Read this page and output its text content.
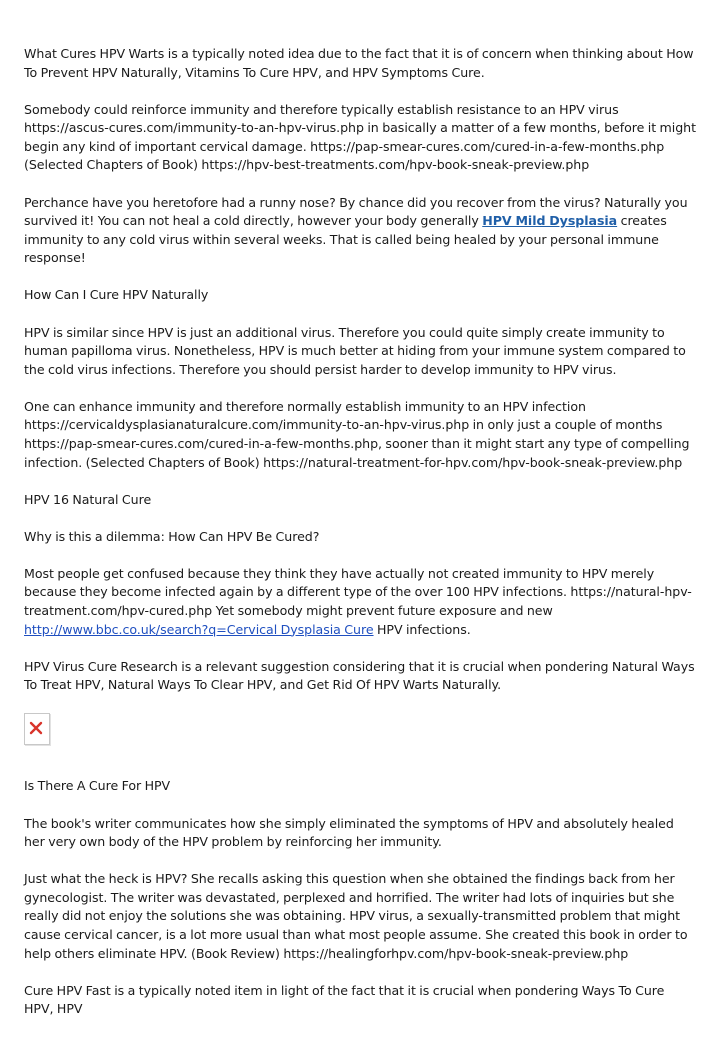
What Cures HPV Warts is a typically noted idea due to the fact that it is of concern when thinking about How To Prevent HPV Naturally, Vitamins To Cure HPV, and HPV Symptoms Cure.

Somebody could reinforce immunity and therefore typically establish resistance to an HPV virus https://ascus-cures.com/immunity-to-an-hpv-virus.php in basically a matter of a few months, before it might begin any kind of important cervical damage. https://pap-smear-cures.com/cured-in-a-few-months.php (Selected Chapters of Book) https://hpv-best-treatments.com/hpv-book-sneak-preview.php

Perchance have you heretofore had a runny nose? By chance did you recover from the virus? Naturally you survived it! You can not heal a cold directly, however your body generally HPV Mild Dysplasia creates immunity to any cold virus within several weeks. That is called being healed by your personal immune response!

How Can I Cure HPV Naturally

HPV is similar since HPV is just an additional virus. Therefore you could quite simply create immunity to human papilloma virus. Nonetheless, HPV is much better at hiding from your immune system compared to the cold virus infections. Therefore you should persist harder to develop immunity to HPV virus.

One can enhance immunity and therefore normally establish immunity to an HPV infection https://cervicaldysplasianaturalcure.com/immunity-to-an-hpv-virus.php in only just a couple of months https://pap-smear-cures.com/cured-in-a-few-months.php, sooner than it might start any type of compelling infection. (Selected Chapters of Book) https://natural-treatment-for-hpv.com/hpv-book-sneak-preview.php

HPV 16 Natural Cure

Why is this a dilemma: How Can HPV Be Cured?

Most people get confused because they think they have actually not created immunity to HPV merely because they become infected again by a different type of the over 100 HPV infections. https://natural-hpv-treatment.com/hpv-cured.php Yet somebody might prevent future exposure and new http://www.bbc.co.uk/search?q=Cervical Dysplasia Cure HPV infections.

HPV Virus Cure Research is a relevant suggestion considering that it is crucial when pondering Natural Ways To Treat HPV, Natural Ways To Clear HPV, and Get Rid Of HPV Warts Naturally.

Is There A Cure For HPV

The book's writer communicates how she simply eliminated the symptoms of HPV and absolutely healed her very own body of the HPV problem by reinforcing her immunity.

Just what the heck is HPV? She recalls asking this question when she obtained the findings back from her gynecologist. The writer was devastated, perplexed and horrified. The writer had lots of inquiries but she really did not enjoy the solutions she was obtaining. HPV virus, a sexually-transmitted problem that might cause cervical cancer, is a lot more usual than what most people assume. She created this book in order to help others eliminate HPV. (Book Review) https://healingforhpv.com/hpv-book-sneak-preview.php

Cure HPV Fast is a typically noted item in light of the fact that it is crucial when pondering Ways To Cure HPV, HPV
